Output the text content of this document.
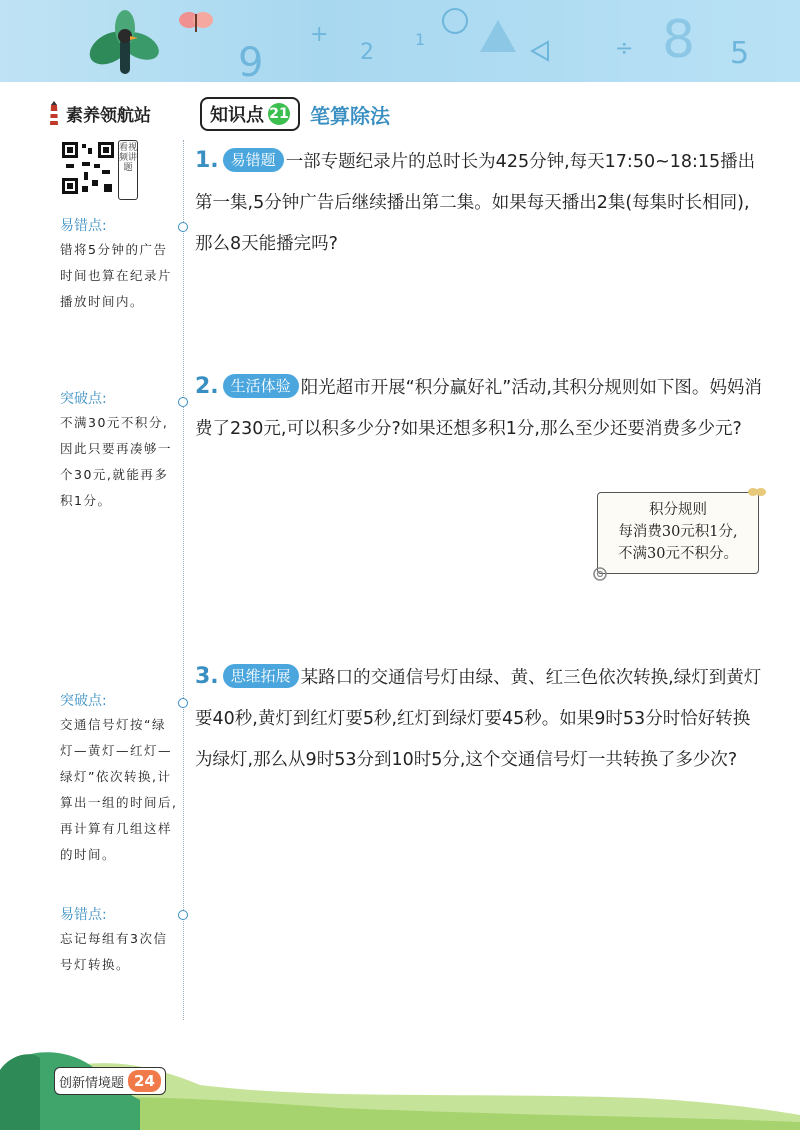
9
+
2
1	÷ 8 5
素养领航站
看视频讲题
易错点:
错将5分钟的广告时间也算在纪录片播放时间内。
突破点:
不满30元不积分,因此只要再凑够一个30元,就能再多积1分。
突破点:
交通信号灯按“绿灯—黄灯—红灯—绿灯”依次转换,计算出一组的时间后,再计算有几组这样的时间。
易错点:
忘记每组有3次信号灯转换。
知识点 21 笔算除法
1. 易错题 一部专题纪录片的总时长为425分钟,每天17:50~18:15播出第一集,5分钟广告后继续播出第二集。如果每天播出2集(每集时长相同),那么8天能播完吗?
2. 生活体验 阳光超市开展“积分赢好礼”活动,其积分规则如下图。妈妈消费了230元,可以积多少分?如果还想多积1分,那么至少还要消费多少元?
积分规则
每消费30元积1分,
不满30元不积分。
3. 思维拓展 某路口的交通信号灯由绿、黄、红三色依次转换,绿灯到黄灯要40秒,黄灯到红灯要5秒,红灯到绿灯要45秒。如果9时53分时恰好转换为绿灯,那么从9时53分到10时5分,这个交通信号灯一共转换了多少次?
创新情境题 24
